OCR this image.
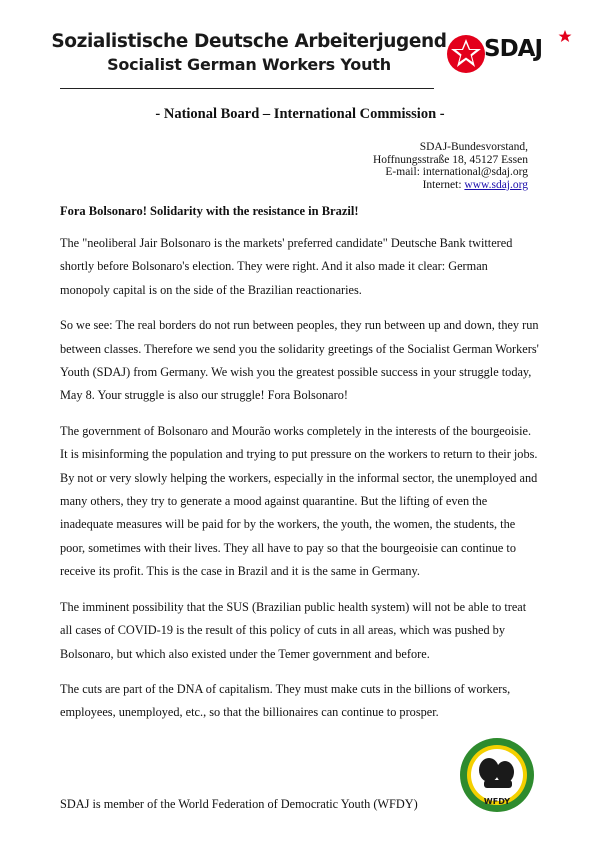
Sozialistische Deutsche Arbeiterjugend
Socialist German Workers Youth
SDAJ
- National Board – International Commission -
SDAJ-Bundesvorstand,
Hoffnungsstraße 18, 45127 Essen
E-mail: international@sdaj.org
Internet: www.sdaj.org
Fora Bolsonaro! Solidarity with the resistance in Brazil!

The "neoliberal Jair Bolsonaro is the markets' preferred candidate" Deutsche Bank twittered shortly before Bolsonaro's election. They were right. And it also made it clear: German monopoly capital is on the side of the Brazilian reactionaries.

So we see: The real borders do not run between peoples, they run between up and down, they run between classes. Therefore we send you the solidarity greetings of the Socialist German Workers' Youth (SDAJ) from Germany. We wish you the greatest possible success in your struggle today, May 8. Your struggle is also our struggle! Fora Bolsonaro!

The government of Bolsonaro and Mourão works completely in the interests of the bourgeoisie. It is misinforming the population and trying to put pressure on the workers to return to their jobs. By not or very slowly helping the workers, especially in the informal sector, the unemployed and many others, they try to generate a mood against quarantine. But the lifting of even the inadequate measures will be paid for by the workers, the youth, the women, the students, the poor, sometimes with their lives. They all have to pay so that the bourgeoisie can continue to receive its profit. This is the case in Brazil and it is the same in Germany.

The imminent possibility that the SUS (Brazilian public health system) will not be able to treat all cases of COVID-19 is the result of this policy of cuts in all areas, which was pushed by Bolsonaro, but which also existed under the Temer government and before.

The cuts are part of the DNA of capitalism. They must make cuts in the billions of workers, employees, unemployed, etc., so that the billionaires can continue to prosper.

WFDY
SDAJ is member of the World Federation of Democratic Youth (WFDY)
